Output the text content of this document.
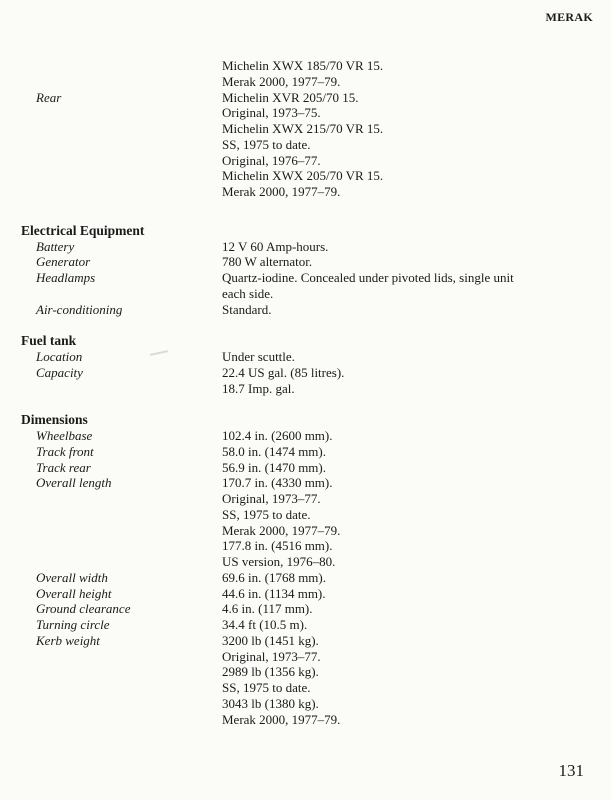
MERAK
Michelin XWX 185/70 VR 15.
Merak 2000, 1977–79.
Rear	Michelin XVR 205/70 15.
Original, 1973–75.
Michelin XWX 215/70 VR 15.
SS, 1975 to date.
Original, 1976–77.
Michelin XWX 205/70 VR 15.
Merak 2000, 1977–79.
Electrical Equipment
Battery	12 V 60 Amp-hours.
Generator	780 W alternator.
Headlamps	Quartz-iodine. Concealed under pivoted lids, single unit
each side.
Air-conditioning	Standard.
Fuel tank
Location	Under scuttle.
Capacity	22.4 US gal. (85 litres).
18.7 Imp. gal.
Dimensions
Wheelbase	102.4 in. (2600 mm).
Track front	58.0 in. (1474 mm).
Track rear	56.9 in. (1470 mm).
Overall length	170.7 in. (4330 mm).
Original, 1973–77.
SS, 1975 to date.
Merak 2000, 1977–79.
177.8 in. (4516 mm).
US version, 1976–80.
Overall width	69.6 in. (1768 mm).
Overall height	44.6 in. (1134 mm).
Ground clearance	4.6 in. (117 mm).
Turning circle	34.4 ft (10.5 m).
Kerb weight	3200 lb (1451 kg).
Original, 1973–77.
2989 lb (1356 kg).
SS, 1975 to date.
3043 lb (1380 kg).
Merak 2000, 1977–79.
131
